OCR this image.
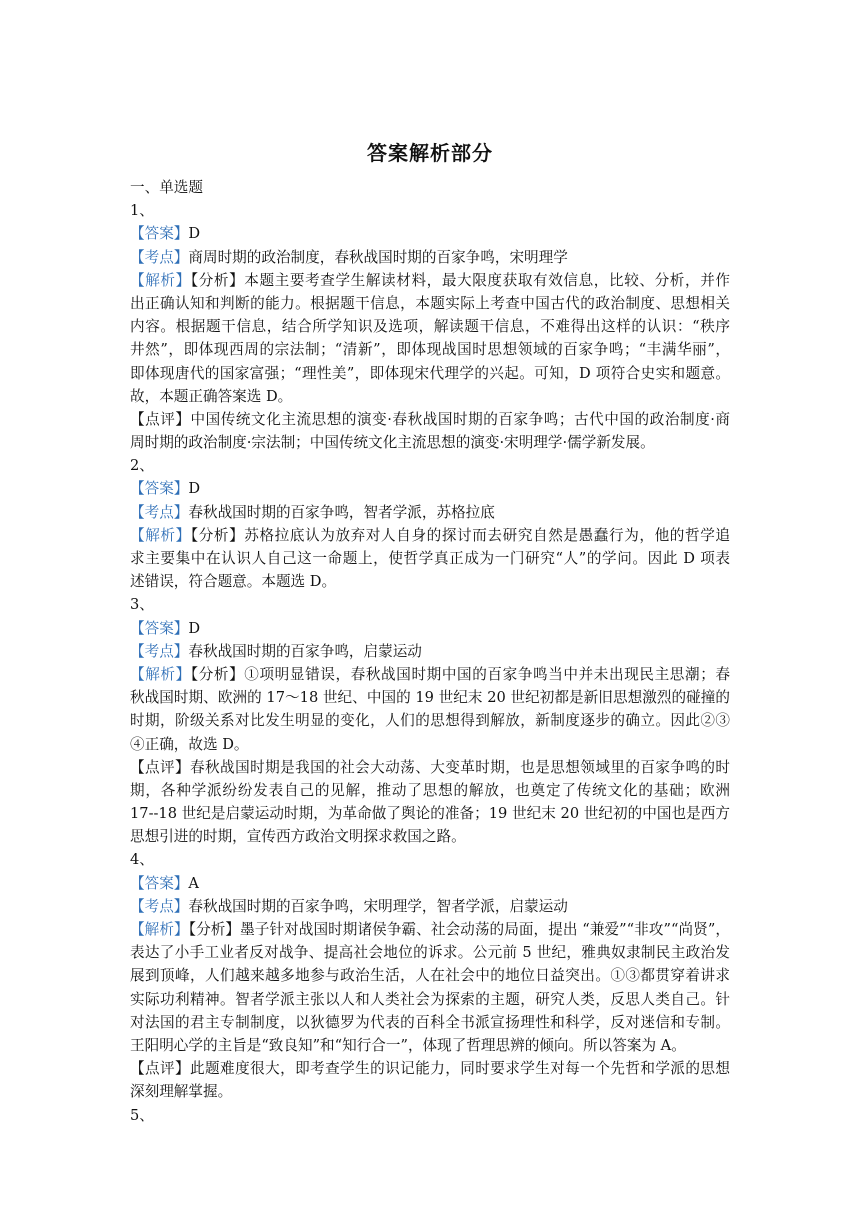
答案解析部分
一、单选题
1、
【答案】D
【考点】商周时期的政治制度，春秋战国时期的百家争鸣，宋明理学
【解析】【分析】本题主要考查学生解读材料，最大限度获取有效信息，比较、分析，并作
出正确认知和判断的能力。根据题干信息，本题实际上考查中国古代的政治制度、思想相关
内容。根据题干信息，结合所学知识及选项，解读题干信息，不难得出这样的认识：“秩序
井然”，即体现西周的宗法制；“清新”，即体现战国时思想领域的百家争鸣；“丰满华丽”，
即体现唐代的国家富强；“理性美”，即体现宋代理学的兴起。可知，D 项符合史实和题意。
故，本题正确答案选 D。
【点评】中国传统文化主流思想的演变·春秋战国时期的百家争鸣；古代中国的政治制度·商
周时期的政治制度·宗法制；中国传统文化主流思想的演变·宋明理学·儒学新发展。
2、
【答案】D
【考点】春秋战国时期的百家争鸣，智者学派，苏格拉底
【解析】【分析】苏格拉底认为放弃对人自身的探讨而去研究自然是愚蠢行为，他的哲学追
求主要集中在认识人自己这一命题上，使哲学真正成为一门研究“人”的学问。因此 D 项表
述错误，符合题意。本题选 D。
3、
【答案】D
【考点】春秋战国时期的百家争鸣，启蒙运动
【解析】【分析】①项明显错误，春秋战国时期中国的百家争鸣当中并未出现民主思潮；春
秋战国时期、欧洲的 17～18 世纪、中国的 19 世纪末 20 世纪初都是新旧思想激烈的碰撞的
时期，阶级关系对比发生明显的变化，人们的思想得到解放，新制度逐步的确立。因此②③
④正确，故选 D。
【点评】春秋战国时期是我国的社会大动荡、大变革时期，也是思想领域里的百家争鸣的时
期，各种学派纷纷发表自己的见解，推动了思想的解放，也奠定了传统文化的基础；欧洲
17--18 世纪是启蒙运动时期，为革命做了舆论的准备；19 世纪末 20 世纪初的中国也是西方
思想引进的时期，宣传西方政治文明探求救国之路。
4、
【答案】A
【考点】春秋战国时期的百家争鸣，宋明理学，智者学派，启蒙运动
【解析】【分析】墨子针对战国时期诸侯争霸、社会动荡的局面，提出 “兼爱”“非攻”“尚贤”，
表达了小手工业者反对战争、提高社会地位的诉求。公元前 5 世纪，雅典奴隶制民主政治发
展到顶峰，人们越来越多地参与政治生活，人在社会中的地位日益突出。①③都贯穿着讲求
实际功利精神。智者学派主张以人和人类社会为探索的主题，研究人类，反思人类自己。针
对法国的君主专制制度，以狄德罗为代表的百科全书派宣扬理性和科学，反对迷信和专制。
王阳明心学的主旨是“致良知”和“知行合一”，体现了哲理思辨的倾向。所以答案为 A。
【点评】此题难度很大，即考查学生的识记能力，同时要求学生对每一个先哲和学派的思想
深刻理解掌握。
5、
